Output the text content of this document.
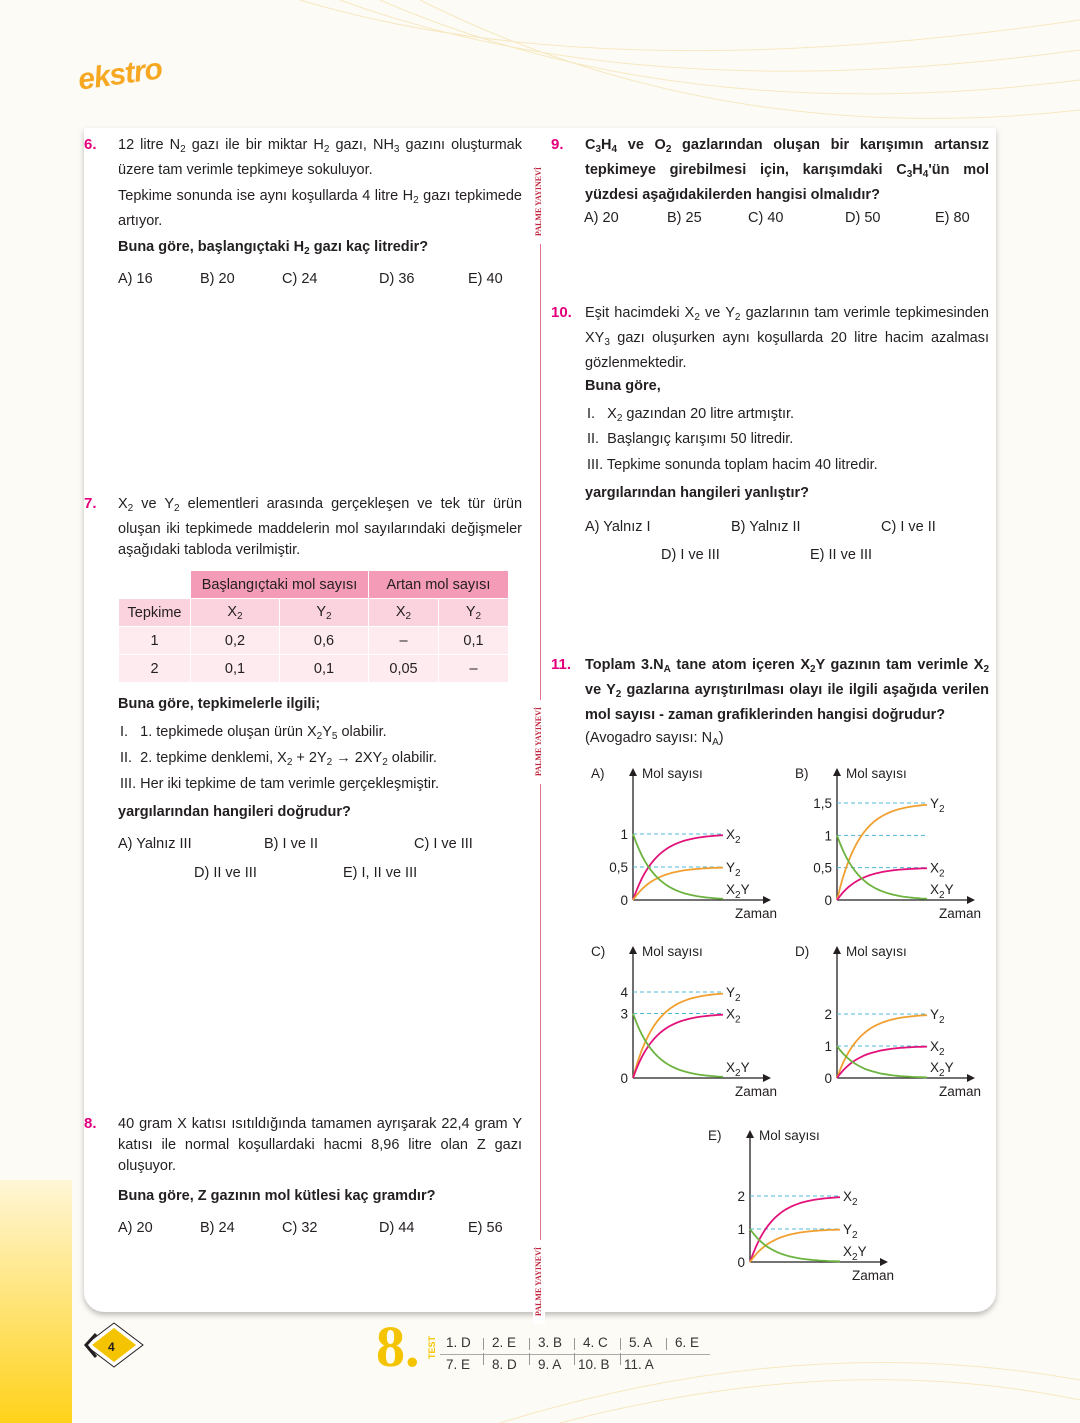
ekstro
PALME YAYINEVİ
PALME YAYINEVİ
PALME YAYINEVİ
6. 12 litre $N_2$ gazı ile bir miktar $H_2$ gazı, $NH_3$ gazını oluşturmak üzere tam verimle tepkimeye sokuluyor.
Tepkime sonunda ise aynı koşullarda 4 litre $H_2$ gazı tepkimede artıyor.
Buna göre, başlangıçtaki $H_2$ gazı kaç litredir?
A) 16	B) 20	C) 24	D) 36	E) 40
7. $X_2$ ve $Y_2$ elementleri arasında gerçekleşen ve tek tür ürün oluşan iki tepkimede maddelerin mol sayılarındaki değişmeler aşağıdaki tabloda verilmiştir.
	Başlangıçtaki mol sayısı		Artan mol sayısı	
Tepkime	$X_2$	$Y_2$	$X_2$	$Y_2$
1	0,2	0,6	–	0,1
2	0,1	0,1	0,05	–
Buna göre, tepkimelerle ilgili;
I.   1. tepkimede oluşan ürün $X_2Y_5$ olabilir.
II.  2. tepkime denklemi, $X_2 + 2Y_2 \to 2XY_2$ olabilir.
III. Her iki tepkime de tam verimle gerçekleşmiştir.
yargılarından hangileri doğrudur?
A) Yalnız III	B) I ve II	C) I ve III
D) II ve III	E) I, II ve III
8. 40 gram X katısı ısıtıldığında tamamen ayrışarak 22,4 gram Y katısı ile normal koşullardaki hacmi 8,96 litre olan Z gazı oluşuyor.
Buna göre, Z gazının mol kütlesi kaç gramdır?
A) 20	B) 24	C) 32	D) 44	E) 56
9. $C_3H_4$ ve $O_2$ gazlarından oluşan bir karışımın artansız tepkimeye girebilmesi için, karışımdaki $C_3H_4'ün$ mol yüzdesi aşağıdakilerden hangisi olmalıdır?
A) 20	B) 25	C) 40	D) 50	E) 80
10. Eşit hacimdeki $X_2$ ve $Y_2$ gazlarının tam verimle tepkimesinden $XY_3$ gazı oluşurken aynı koşullarda 20 litre hacim azalması gözlenmektedir.
Buna göre,
I.   $X_2$ gazından 20 litre artmıştır.
II.  Başlangıç karışımı 50 litredir.
III. Tepkime sonunda toplam hacim 40 litredir.
yargılarından hangileri yanlıştır?
A) Yalnız I	B) Yalnız II	C) I ve II
D) I ve III	E) II ve III
11. Toplam $3.N_A$ tane atom içeren $X_2Y$ gazının tam verimle $X_2$ ve $Y_2$ gazlarına ayrıştırılması olayı ile ilgili aşağıda verilen mol sayısı - zaman grafiklerinden hangisi doğrudur?
(Avogadro sayısı: $N_A$)
A)	Mol sayısı
Zaman
0
0,5
1	$X_2$
$Y_2$
$X_2Y$
B)	Mol sayısı
Zaman
0
0,5
1
1,5	$Y_2$
$X_2$
$X_2Y$
C)	Mol sayısı
Zaman
0
3
4	$Y_2$
$X_2$
$X_2Y$
D)	Mol sayısı
Zaman
0
1
2	$Y_2$
$X_2$
$X_2Y$
E)	Mol sayısı
Zaman
0
1
2	$X_2$
$Y_2$
$X_2Y$
4	8. TEST 1. D 2. E 3. B 4. C 5. A 6. E
7. E 8. D 9. A 10. B 11. A
